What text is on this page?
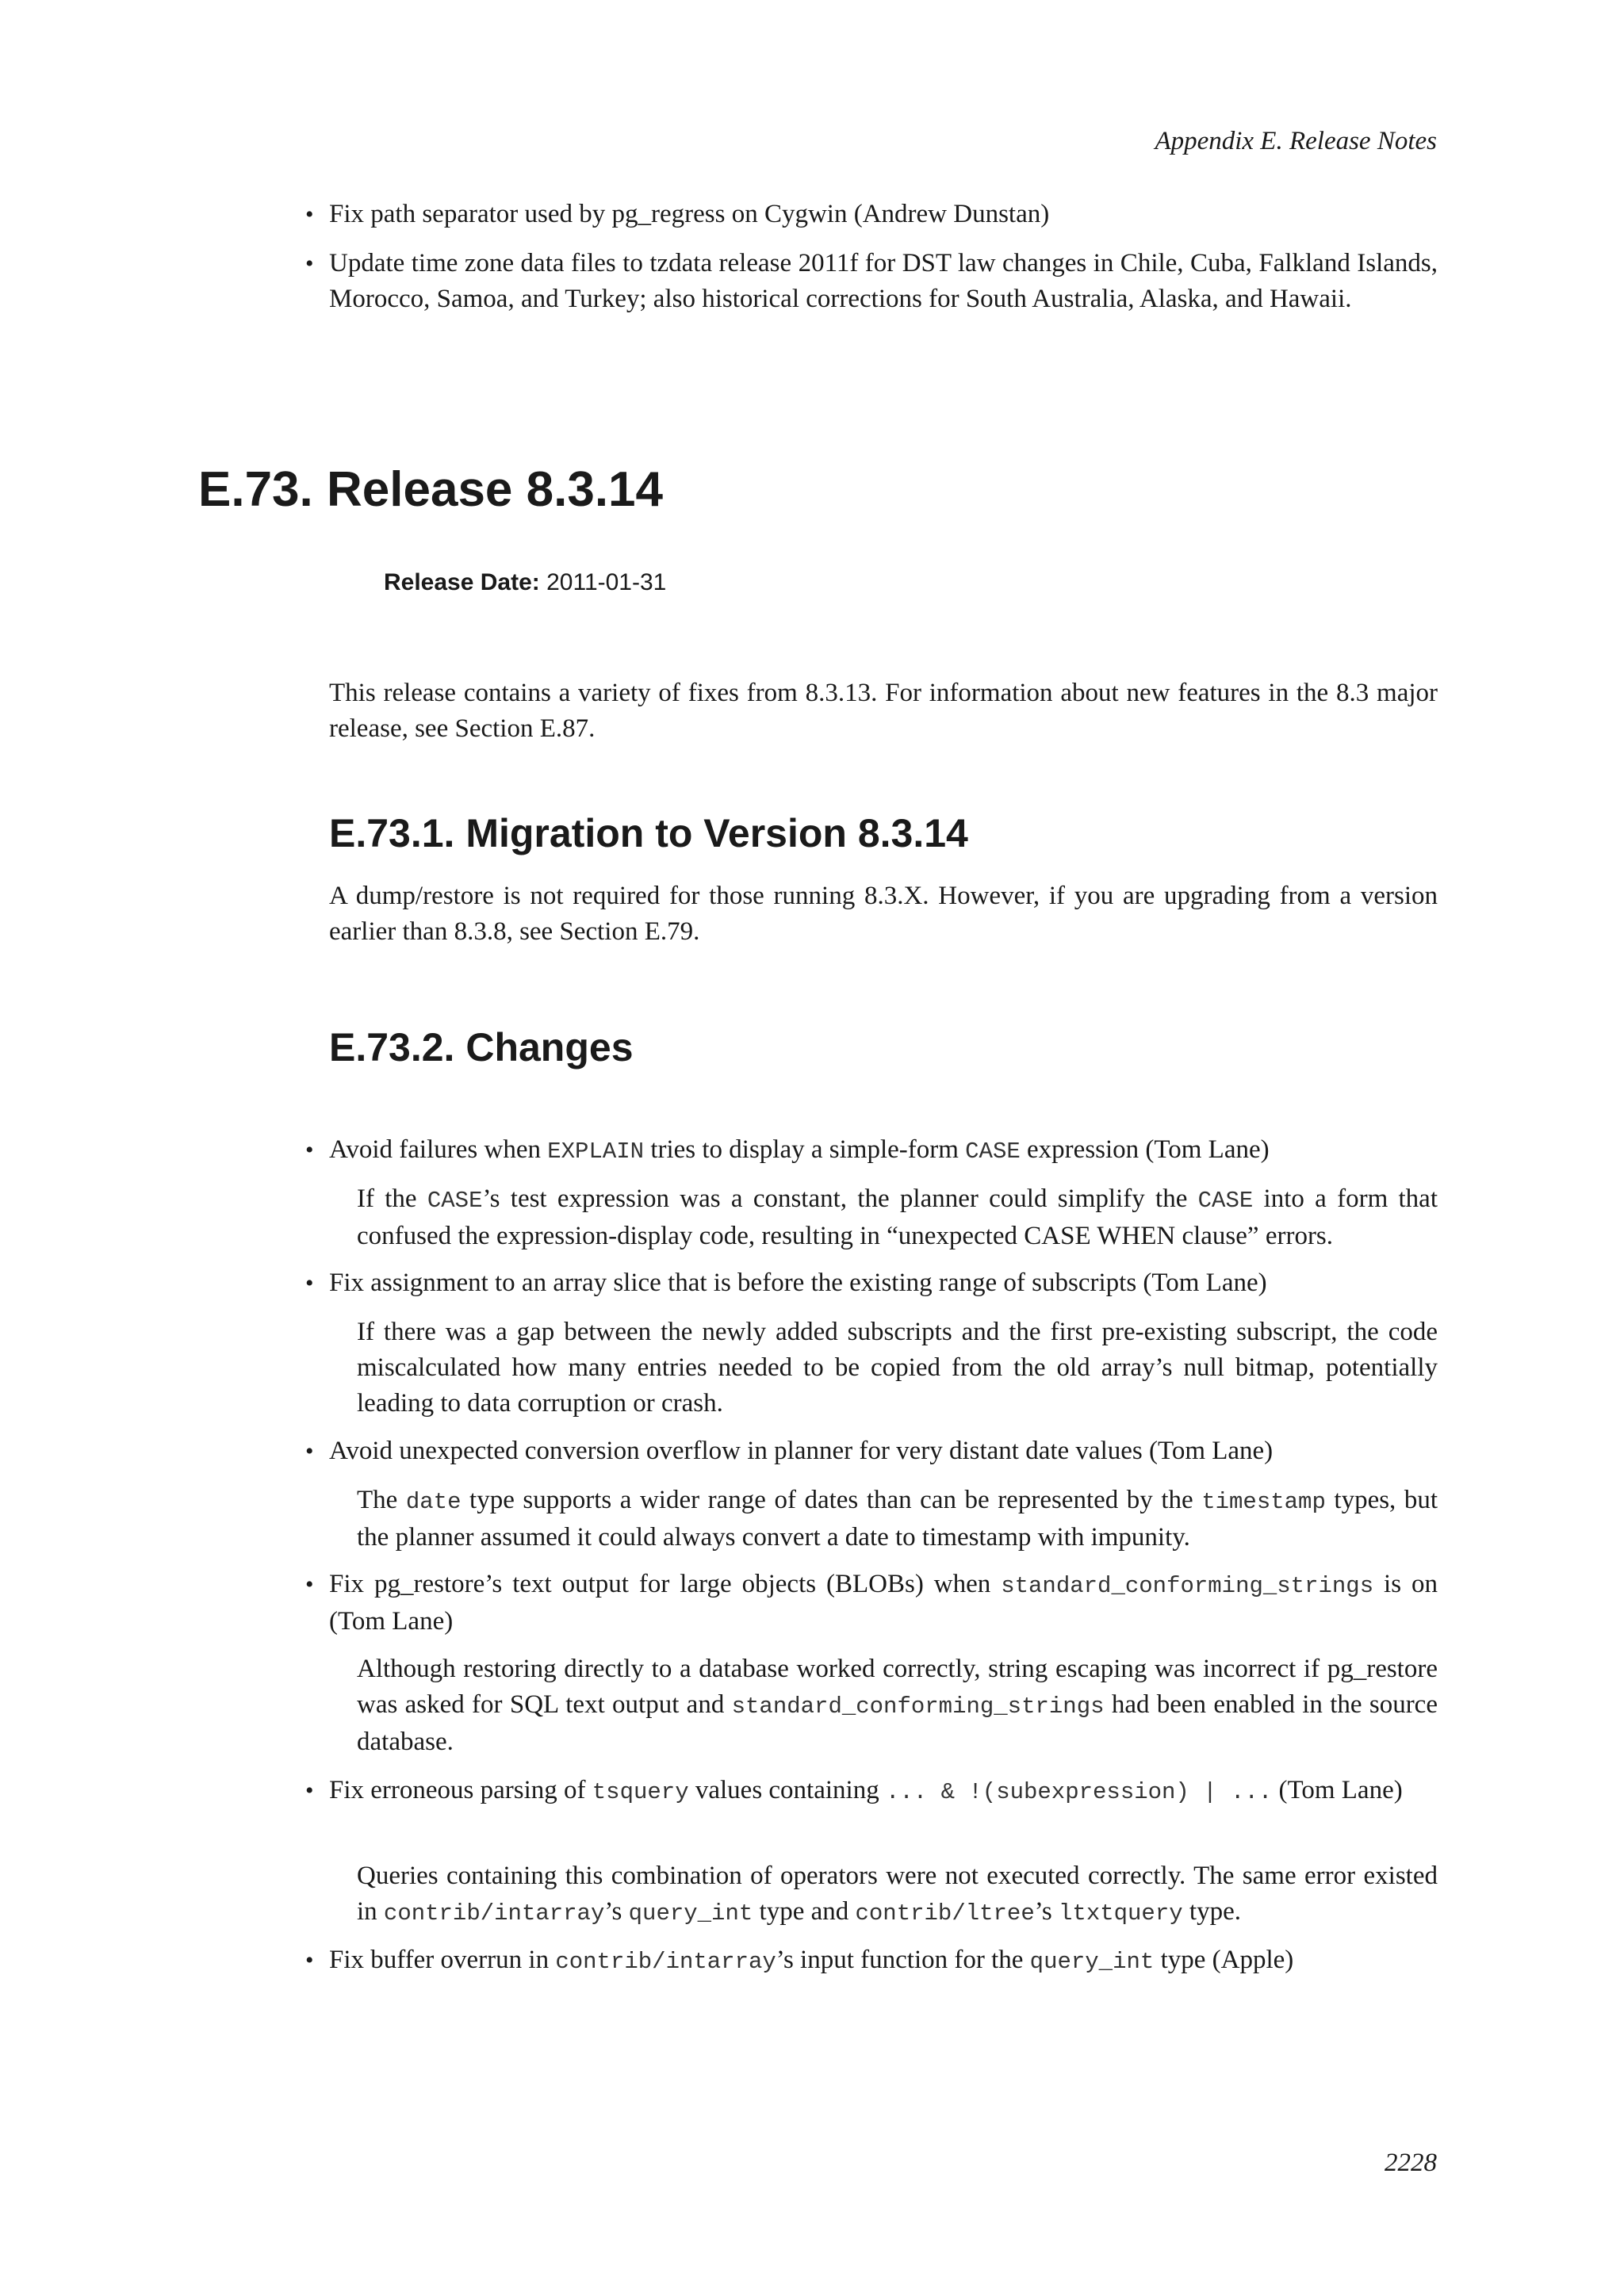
Appendix E. Release Notes
• Fix path separator used by pg_regress on Cygwin (Andrew Dunstan)
• Update time zone data files to tzdata release 2011f for DST law changes in Chile, Cuba, Falkland Islands, Morocco, Samoa, and Turkey; also historical corrections for South Australia, Alaska, and Hawaii.
E.73. Release 8.3.14
Release Date: 2011-01-31
This release contains a variety of fixes from 8.3.13. For information about new features in the 8.3 major release, see Section E.87.
E.73.1. Migration to Version 8.3.14
A dump/restore is not required for those running 8.3.X. However, if you are upgrading from a version earlier than 8.3.8, see Section E.79.
E.73.2. Changes
• Avoid failures when EXPLAIN tries to display a simple-form CASE expression (Tom Lane)
If the CASE’s test expression was a constant, the planner could simplify the CASE into a form that confused the expression-display code, resulting in “unexpected CASE WHEN clause” errors.
• Fix assignment to an array slice that is before the existing range of subscripts (Tom Lane)
If there was a gap between the newly added subscripts and the first pre-existing subscript, the code miscalculated how many entries needed to be copied from the old array’s null bitmap, potentially leading to data corruption or crash.
• Avoid unexpected conversion overflow in planner for very distant date values (Tom Lane)
The date type supports a wider range of dates than can be represented by the timestamp types, but the planner assumed it could always convert a date to timestamp with impunity.
• Fix pg_restore’s text output for large objects (BLOBs) when standard_conforming_strings is on (Tom Lane)
Although restoring directly to a database worked correctly, string escaping was incorrect if pg_restore was asked for SQL text output and standard_conforming_strings had been enabled in the source database.
• Fix erroneous parsing of tsquery values containing ... & !(subexpression) | ... (Tom Lane)
Queries containing this combination of operators were not executed correctly. The same error existed in contrib/intarray’s query_int type and contrib/ltree’s ltxtquery type.
• Fix buffer overrun in contrib/intarray’s input function for the query_int type (Apple)
2228
